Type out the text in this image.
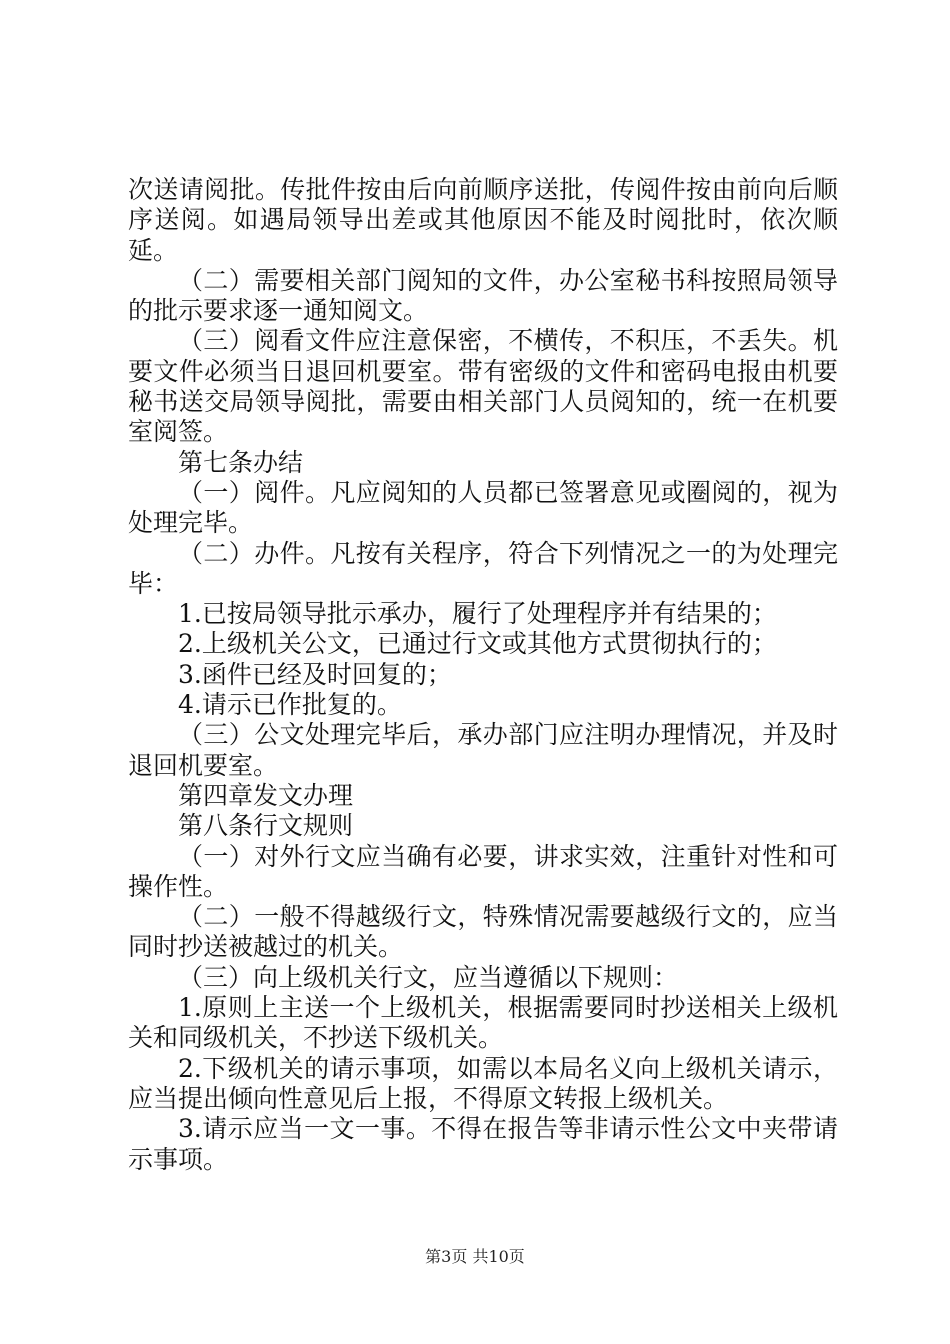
次送请阅批。传批件按由后向前顺序送批，传阅件按由前向后顺序送阅。如遇局领导出差或其他原因不能及时阅批时，依次顺延。

（二）需要相关部门阅知的文件，办公室秘书科按照局领导的批示要求逐一通知阅文。

（三）阅看文件应注意保密，不横传，不积压，不丢失。机要文件必须当日退回机要室。带有密级的文件和密码电报由机要秘书送交局领导阅批，需要由相关部门人员阅知的，统一在机要室阅签。

第七条办结

（一）阅件。凡应阅知的人员都已签署意见或圈阅的，视为处理完毕。

（二）办件。凡按有关程序，符合下列情况之一的为处理完毕：

1.已按局领导批示承办，履行了处理程序并有结果的；

2.上级机关公文，已通过行文或其他方式贯彻执行的；

3.函件已经及时回复的；

4.请示已作批复的。

（三）公文处理完毕后，承办部门应注明办理情况，并及时退回机要室。

第四章发文办理

第八条行文规则

（一）对外行文应当确有必要，讲求实效，注重针对性和可操作性。

（二）一般不得越级行文，特殊情况需要越级行文的，应当同时抄送被越过的机关。

（三）向上级机关行文，应当遵循以下规则：

1.原则上主送一个上级机关，根据需要同时抄送相关上级机关和同级机关，不抄送下级机关。

2.下级机关的请示事项，如需以本局名义向上级机关请示，应当提出倾向性意见后上报，不得原文转报上级机关。

3.请示应当一文一事。不得在报告等非请示性公文中夹带请示事项。

第3页 共10页
